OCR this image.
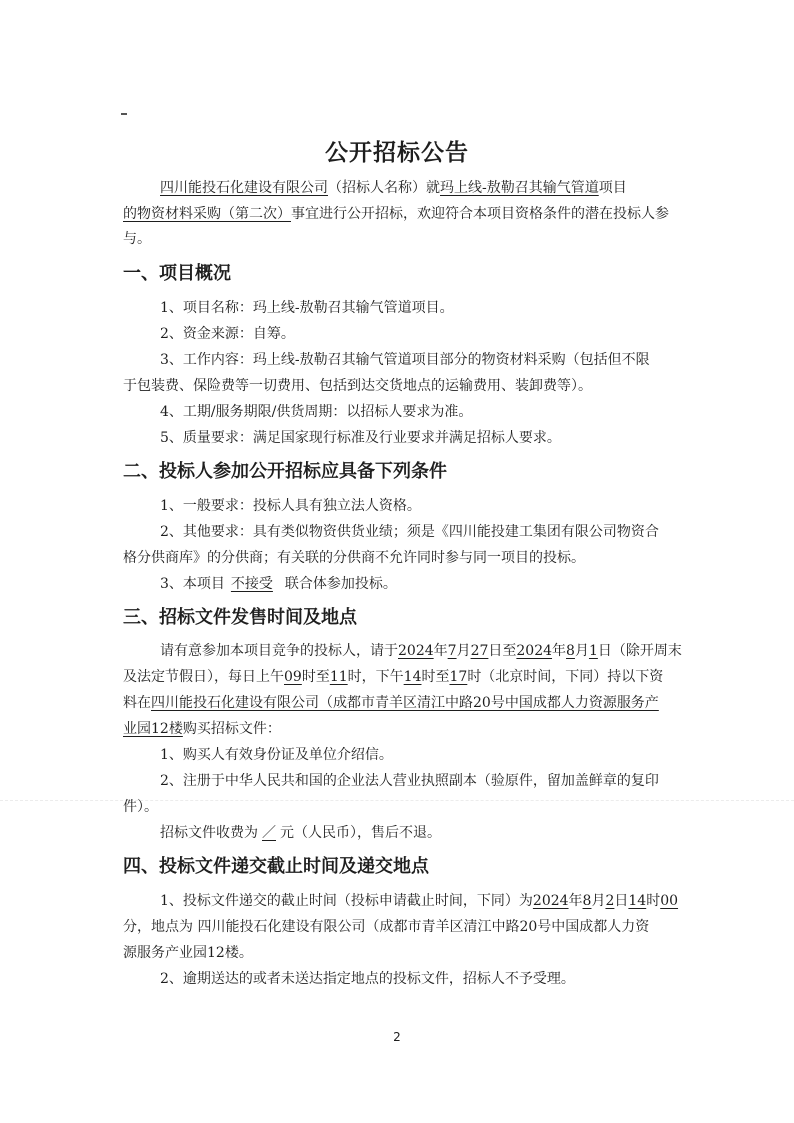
公开招标公告
四川能投石化建设有限公司（招标人名称）就玛上线-敖勒召其输气管道项目
的物资材料采购（第二次）事宜进行公开招标，欢迎符合本项目资格条件的潜在投标人参
与。
一、项目概况
1、项目名称：玛上线-敖勒召其输气管道项目。
2、资金来源：自筹。
3、工作内容：玛上线-敖勒召其输气管道项目部分的物资材料采购（包括但不限
于包装费、保险费等一切费用、包括到达交货地点的运输费用、装卸费等）。
4、工期/服务期限/供货周期：以招标人要求为准。
5、质量要求：满足国家现行标准及行业要求并满足招标人要求。
二、投标人参加公开招标应具备下列条件
1、一般要求：投标人具有独立法人资格。
2、其他要求：具有类似物资供货业绩；须是《四川能投建工集团有限公司物资合
格分供商库》的分供商；有关联的分供商不允许同时参与同一项目的投标。
3、本项目 不接受 联合体参加投标。
三、招标文件发售时间及地点
请有意参加本项目竞争的投标人，请于2024年7月27日至2024年8月1日（除开周末
及法定节假日），每日上午09时至11时，下午14时至17时（北京时间，下同）持以下资
料在四川能投石化建设有限公司（成都市青羊区清江中路20号中国成都人力资源服务产
业园12楼购买招标文件：
1、购买人有效身份证及单位介绍信。
2、注册于中华人民共和国的企业法人营业执照副本（验原件，留加盖鲜章的复印
件）。
招标文件收费为 ／ 元（人民币），售后不退。
四、投标文件递交截止时间及递交地点
1、投标文件递交的截止时间（投标申请截止时间，下同）为2024年8月2日14时00
分，地点为 四川能投石化建设有限公司（成都市青羊区清江中路20号中国成都人力资
源服务产业园12楼。
2、逾期送达的或者未送达指定地点的投标文件，招标人不予受理。
2
